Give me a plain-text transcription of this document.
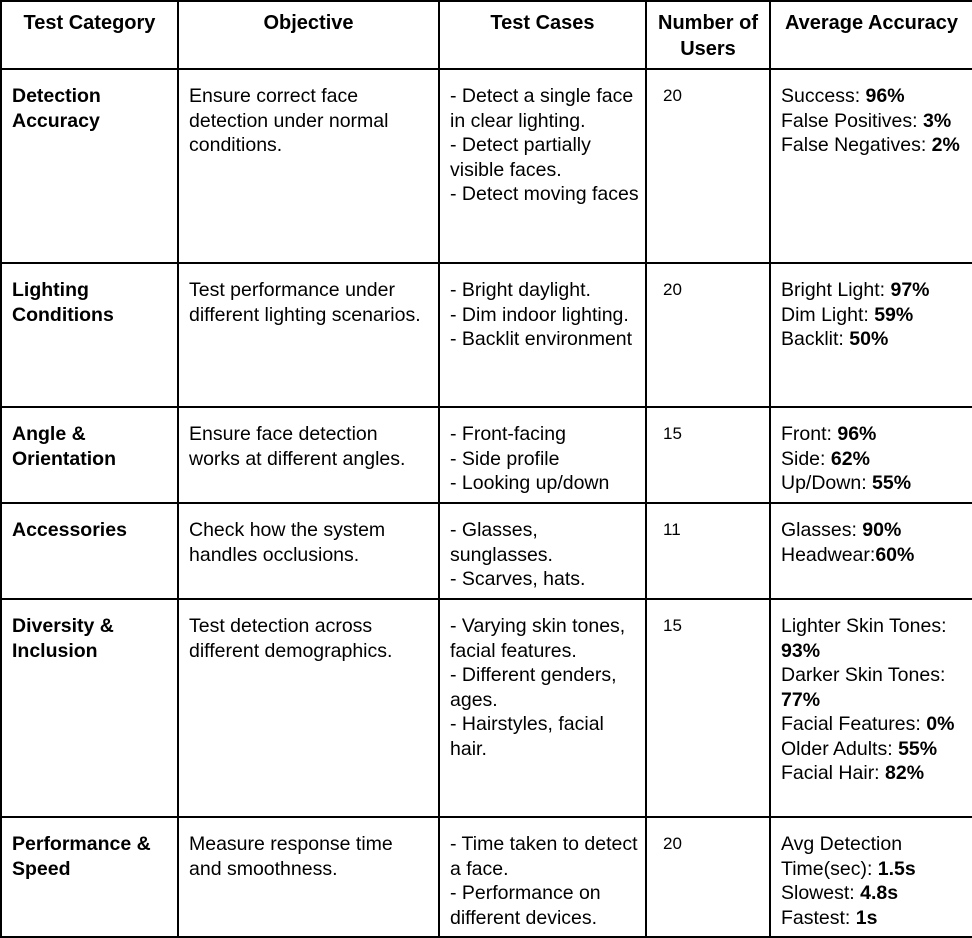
Test Category	Objective	Test Cases	Number of Users	Average Accuracy
Detection Accuracy	Ensure correct face detection under normal conditions.	- Detect a single face in clear lighting.
- Detect partially visible faces.
- Detect moving faces	20	Success: 96%
False Positives: 3%
False Negatives: 2%

Lighting Conditions	Test performance under different lighting scenarios.	- Bright daylight.
- Dim indoor lighting.
- Backlit environment	20	Bright Light: 97%
Dim Light: 59%
Backlit: 50%

Angle & Orientation	Ensure face detection works at different angles.	- Front-facing
- Side profile
- Looking up/down	15	Front: 96%
Side: 62%
Up/Down: 55%

Accessories	Check how the system handles occlusions.	- Glasses, sunglasses.
- Scarves, hats.	11	Glasses: 90%
Headwear:60%

Diversity & Inclusion	Test detection across different demographics.	- Varying skin tones, facial features.
- Different genders, ages.
- Hairstyles, facial hair.	15	Lighter Skin Tones: 93%
Darker Skin Tones: 77%
Facial Features: 0%
Older Adults: 55%
Facial Hair: 82%

Performance & Speed	Measure response time and smoothness.	- Time taken to detect a face.
- Performance on different devices.	20	Avg Detection Time(sec): 1.5s
Slowest: 4.8s
Fastest: 1s
